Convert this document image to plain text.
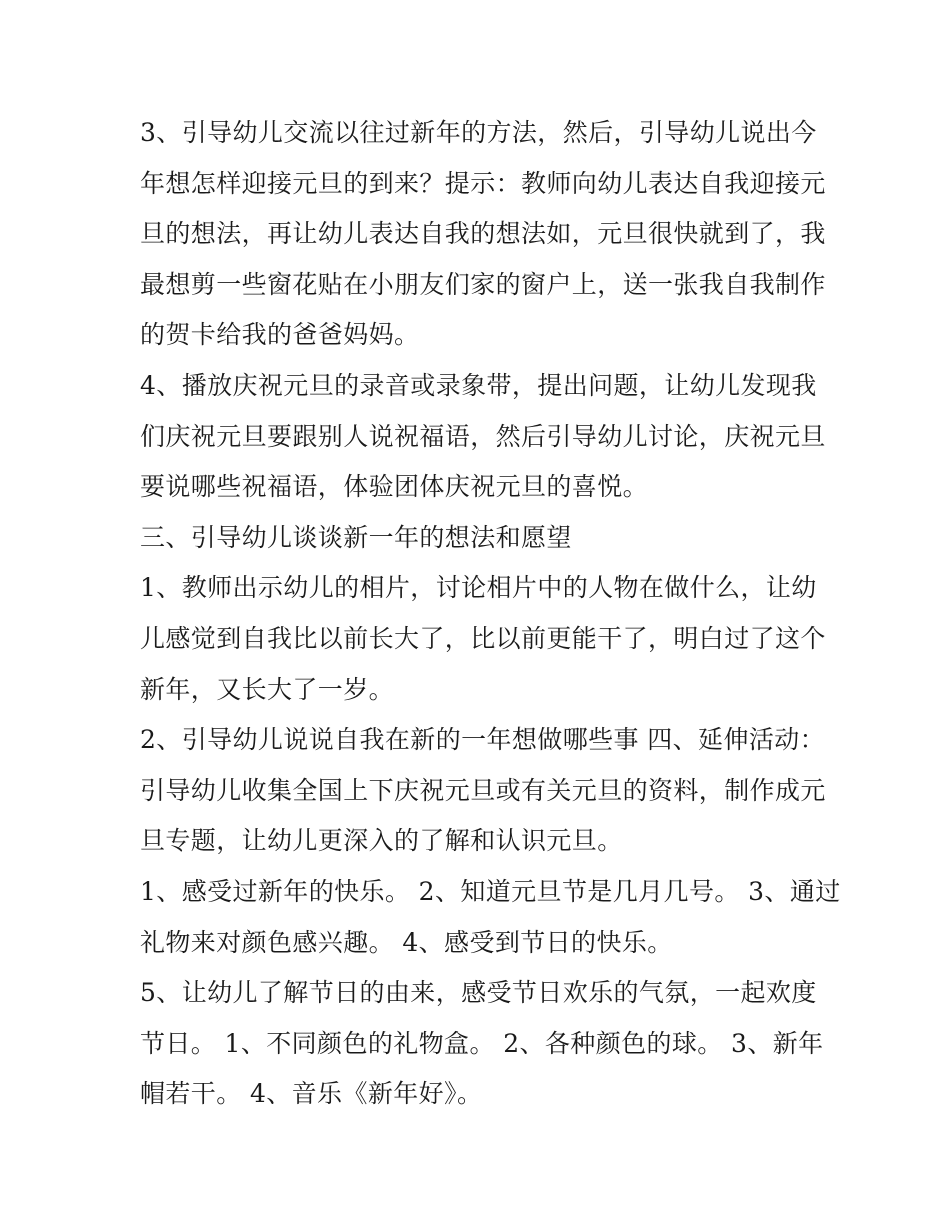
3、引导幼儿交流以往过新年的方法，然后，引导幼儿说出今
年想怎样迎接元旦的到来？提示：教师向幼儿表达自我迎接元
旦的想法，再让幼儿表达自我的想法如，元旦很快就到了，我
最想剪一些窗花贴在小朋友们家的窗户上，送一张我自我制作
的贺卡给我的爸爸妈妈。
4、播放庆祝元旦的录音或录象带，提出问题，让幼儿发现我
们庆祝元旦要跟别人说祝福语，然后引导幼儿讨论，庆祝元旦
要说哪些祝福语，体验团体庆祝元旦的喜悦。
三、引导幼儿谈谈新一年的想法和愿望
1、教师出示幼儿的相片，讨论相片中的人物在做什么，让幼
儿感觉到自我比以前长大了，比以前更能干了，明白过了这个
新年，又长大了一岁。
2、引导幼儿说说自我在新的一年想做哪些事 四、延伸活动：
引导幼儿收集全国上下庆祝元旦或有关元旦的资料，制作成元
旦专题，让幼儿更深入的了解和认识元旦。
1、感受过新年的快乐。 2、知道元旦节是几月几号。 3、通过
礼物来对颜色感兴趣。 4、感受到节日的快乐。
5、让幼儿了解节日的由来，感受节日欢乐的气氛，一起欢度
节日。 1、不同颜色的礼物盒。 2、各种颜色的球。 3、新年
帽若干。 4、音乐《新年好》。
